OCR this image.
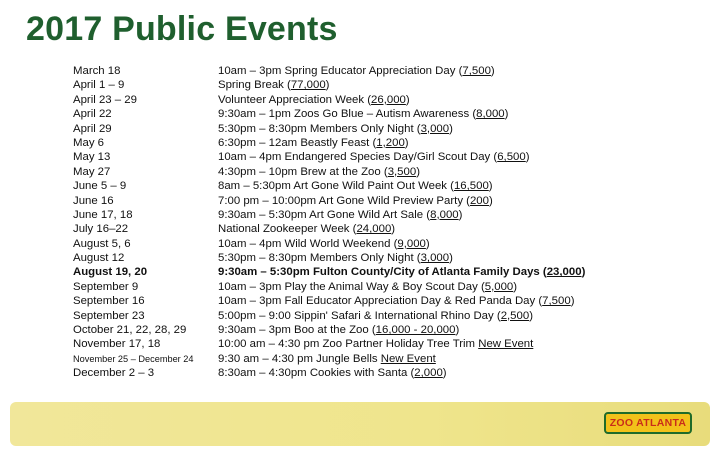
2017 Public Events
March 18
April 1 – 9
April 23 – 29
April 22
April 29
May 6
May 13
May 27
June 5 – 9
June 16
June 17, 18
July 16–22
August 5, 6
August 12
August 19, 20
September 9
September 16
September 23
October 21, 22, 28, 29
November 17, 18
November 25 – December 24
December 2 – 3
10am – 3pm Spring Educator Appreciation Day (7,500)
Spring Break (77,000)
Volunteer Appreciation Week (26,000)
9:30am – 1pm Zoos Go Blue – Autism Awareness (8,000)
5:30pm – 8:30pm Members Only Night (3,000)
6:30pm – 12am Beastly Feast (1,200)
10am – 4pm Endangered Species Day/Girl Scout Day (6,500)
4:30pm – 10pm Brew at the Zoo (3,500)
8am – 5:30pm Art Gone Wild Paint Out Week (16,500)
7:00 pm – 10:00pm Art Gone Wild Preview Party (200)
9:30am – 5:30pm Art Gone Wild Art Sale (8,000)
National Zookeeper Week (24,000)
10am – 4pm Wild World Weekend (9,000)
5:30pm – 8:30pm Members Only Night (3,000)
9:30am – 5:30pm Fulton County/City of Atlanta Family Days (23,000)
10am – 3pm Play the Animal Way & Boy Scout Day (5,000)
10am – 3pm Fall Educator Appreciation Day & Red Panda Day (7,500)
5:00pm – 9:00 Sippin' Safari & International Rhino Day (2,500)
9:30am – 3pm Boo at the Zoo (16,000 - 20,000)
10:00 am – 4:30 pm Zoo Partner Holiday Tree Trim New Event
9:30 am – 4:30 pm Jungle Bells New Event
8:30am – 4:30pm Cookies with Santa (2,000)
ZOO ATLANTA
